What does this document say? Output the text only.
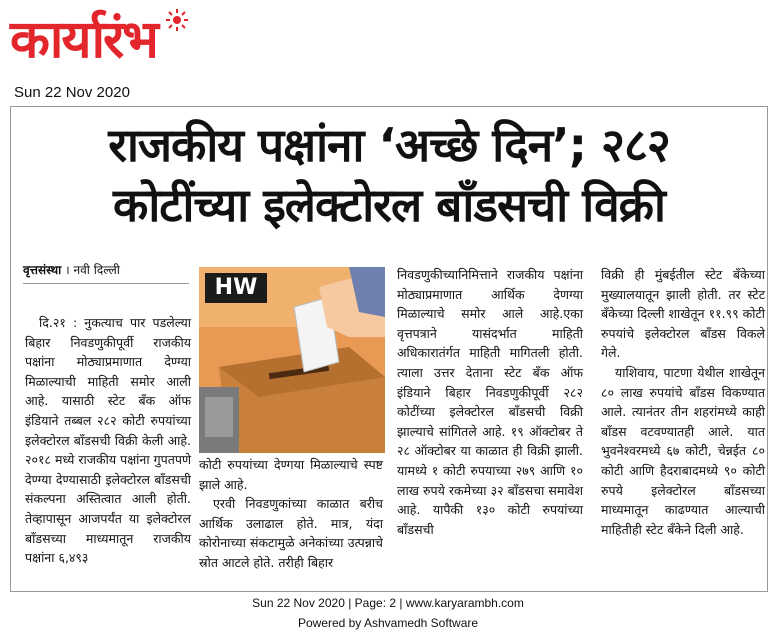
कार्यारंभ
Sun 22 Nov 2020
राजकीय पक्षांना ‘अच्छे दिन’; २८२
कोटींच्या इलेक्टोरल बाँडसची विक्री
वृत्तसंस्था । नवी दिल्ली
दि.२१ : नुकत्याच पार पडलेल्या बिहार निवडणुकीपूर्वी राजकीय पक्षांना मोठ्याप्रमाणात देण्ग्या मिळाल्याची माहिती समोर आली आहे. यासाठी स्टेट बँक ऑफ इंडियाने तब्बल २८२ कोटी रुपयांच्या इलेक्टोरल बाँडसची विक्री केली आहे. २०१८ मध्ये राजकीय पक्षांना गुपतपणे देण्ग्या देण्यासाठी इलेक्टोरल बाँडसची संकल्पना अस्तित्वात आली होती. तेव्हापासून आजपर्यंत या इलेक्टोरल बाँडसच्या माध्यमातून राजकीय पक्षांना ६,४९३
HW
कोटी रुपयांच्या देण्गया मिळाल्याचे स्पष्ट झाले आहे.
एरवी निवडणुकांच्या काळात बरीच आर्थिक उलाढाल होते. मात्र, यंदा कोरोनाच्या संकटामुळे अनेकांच्या उत्पन्नाचे स्रोत आटले होते. तरीही बिहार
निवडणुकीच्यानिमित्ताने राजकीय पक्षांना मोठ्याप्रमाणात आर्थिक देणग्या मिळाल्याचे समोर आले आहे.एका वृत्तपत्राने यासंदर्भात माहिती अधिकारातंर्गत माहिती मागितली होती. त्याला उत्तर देताना स्टेट बँक ऑफ इंडियाने बिहार निवडणुकीपूर्वी २८२ कोटींच्या इलेक्टोरल बाँडसची विक्री झाल्याचे सांगितले आहे. १९ ऑक्टोबर ते २८ ऑक्टोबर या काळात ही विक्री झाली. यामध्ये १ कोटी रुपयाच्या २७९ आणि १० लाख रुपये रकमेच्या ३२ बाँडसचा समावेश आहे. यापैकी १३० कोटी रुपयांच्या बाँडसची
विक्री ही मुंबईतील स्टेट बँकेच्या मुख्यालयातून झाली होती. तर स्टेट बँकेच्या दिल्ली शाखेतून ११.९९ कोटी रुपयांचे इलेक्टोरल बाँडस विकले गेले.
याशिवाय, पाटणा येथील शाखेतून ८० लाख रुपयांचे बाँडस विकण्यात आले. त्यानंतर तीन शहरांमध्ये काही बाँडस वटवण्यातही आले. यात भुवनेश्वरमध्ये ६७ कोटी, चेन्नईत ८० कोटी आणि हैदराबादमध्ये ९० कोटी रुपये इलेक्टोरल बाँडसच्या माध्यमातून काढण्यात आल्याची माहितीही स्टेट बँकेने दिली आहे.
Sun 22 Nov 2020 | Page: 2 | www.karyarambh.com
Powered by Ashvamedh Software
